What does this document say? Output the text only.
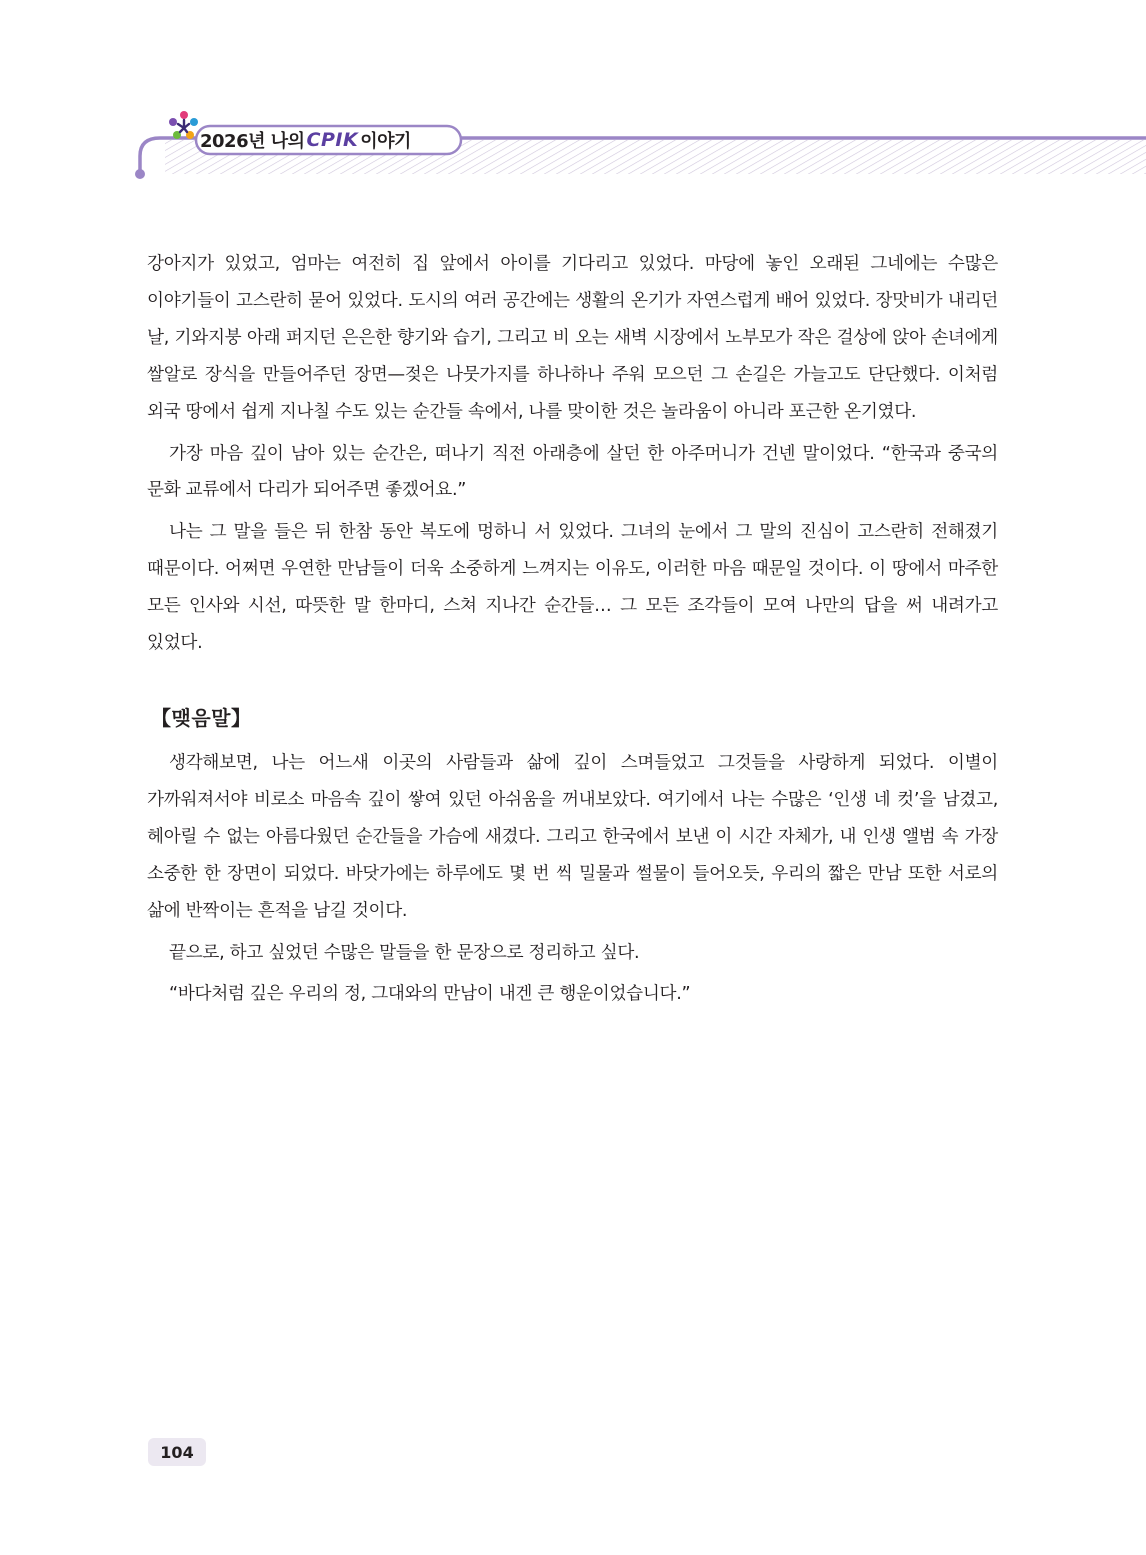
2026년 나의 CPIK 이야기

강아지가 있었고, 엄마는 여전히 집 앞에서 아이를 기다리고 있었다. 마당에 놓인 오래된 그네에는 수많은 이야기들이 고스란히 묻어 있었다. 도시의 여러 공간에는 생활의 온기가 자연스럽게 배어 있었다. 장맛비가 내리던 날, 기와지붕 아래 퍼지던 은은한 향기와 습기, 그리고 비 오는 새벽 시장에서 노부모가 작은 걸상에 앉아 손녀에게 쌀알로 장식을 만들어주던 장면—젖은 나뭇가지를 하나하나 주워 모으던 그 손길은 가늘고도 단단했다. 이처럼 외국 땅에서 쉽게 지나칠 수도 있는 순간들 속에서, 나를 맞이한 것은 놀라움이 아니라 포근한 온기였다.

가장 마음 깊이 남아 있는 순간은, 떠나기 직전 아래층에 살던 한 아주머니가 건넨 말이었다. “한국과 중국의 문화 교류에서 다리가 되어주면 좋겠어요.”

나는 그 말을 들은 뒤 한참 동안 복도에 멍하니 서 있었다. 그녀의 눈에서 그 말의 진심이 고스란히 전해졌기 때문이다. 어쩌면 우연한 만남들이 더욱 소중하게 느껴지는 이유도, 이러한 마음 때문일 것이다. 이 땅에서 마주한 모든 인사와 시선, 따뜻한 말 한마디, 스쳐 지나간 순간들… 그 모든 조각들이 모여 나만의 답을 써 내려가고 있었다.

【맺음말】

생각해보면, 나는 어느새 이곳의 사람들과 삶에 깊이 스며들었고 그것들을 사랑하게 되었다. 이별이 가까워져서야 비로소 마음속 깊이 쌓여 있던 아쉬움을 꺼내보았다. 여기에서 나는 수많은 ‘인생 네 컷’을 남겼고, 헤아릴 수 없는 아름다웠던 순간들을 가슴에 새겼다. 그리고 한국에서 보낸 이 시간 자체가, 내 인생 앨범 속 가장 소중한 한 장면이 되었다. 바닷가에는 하루에도 몇 번 씩 밀물과 썰물이 들어오듯, 우리의 짧은 만남 또한 서로의 삶에 반짝이는 흔적을 남길 것이다.

끝으로, 하고 싶었던 수많은 말들을 한 문장으로 정리하고 싶다.

“바다처럼 깊은 우리의 정, 그대와의 만남이 내겐 큰 행운이었습니다.”

104
